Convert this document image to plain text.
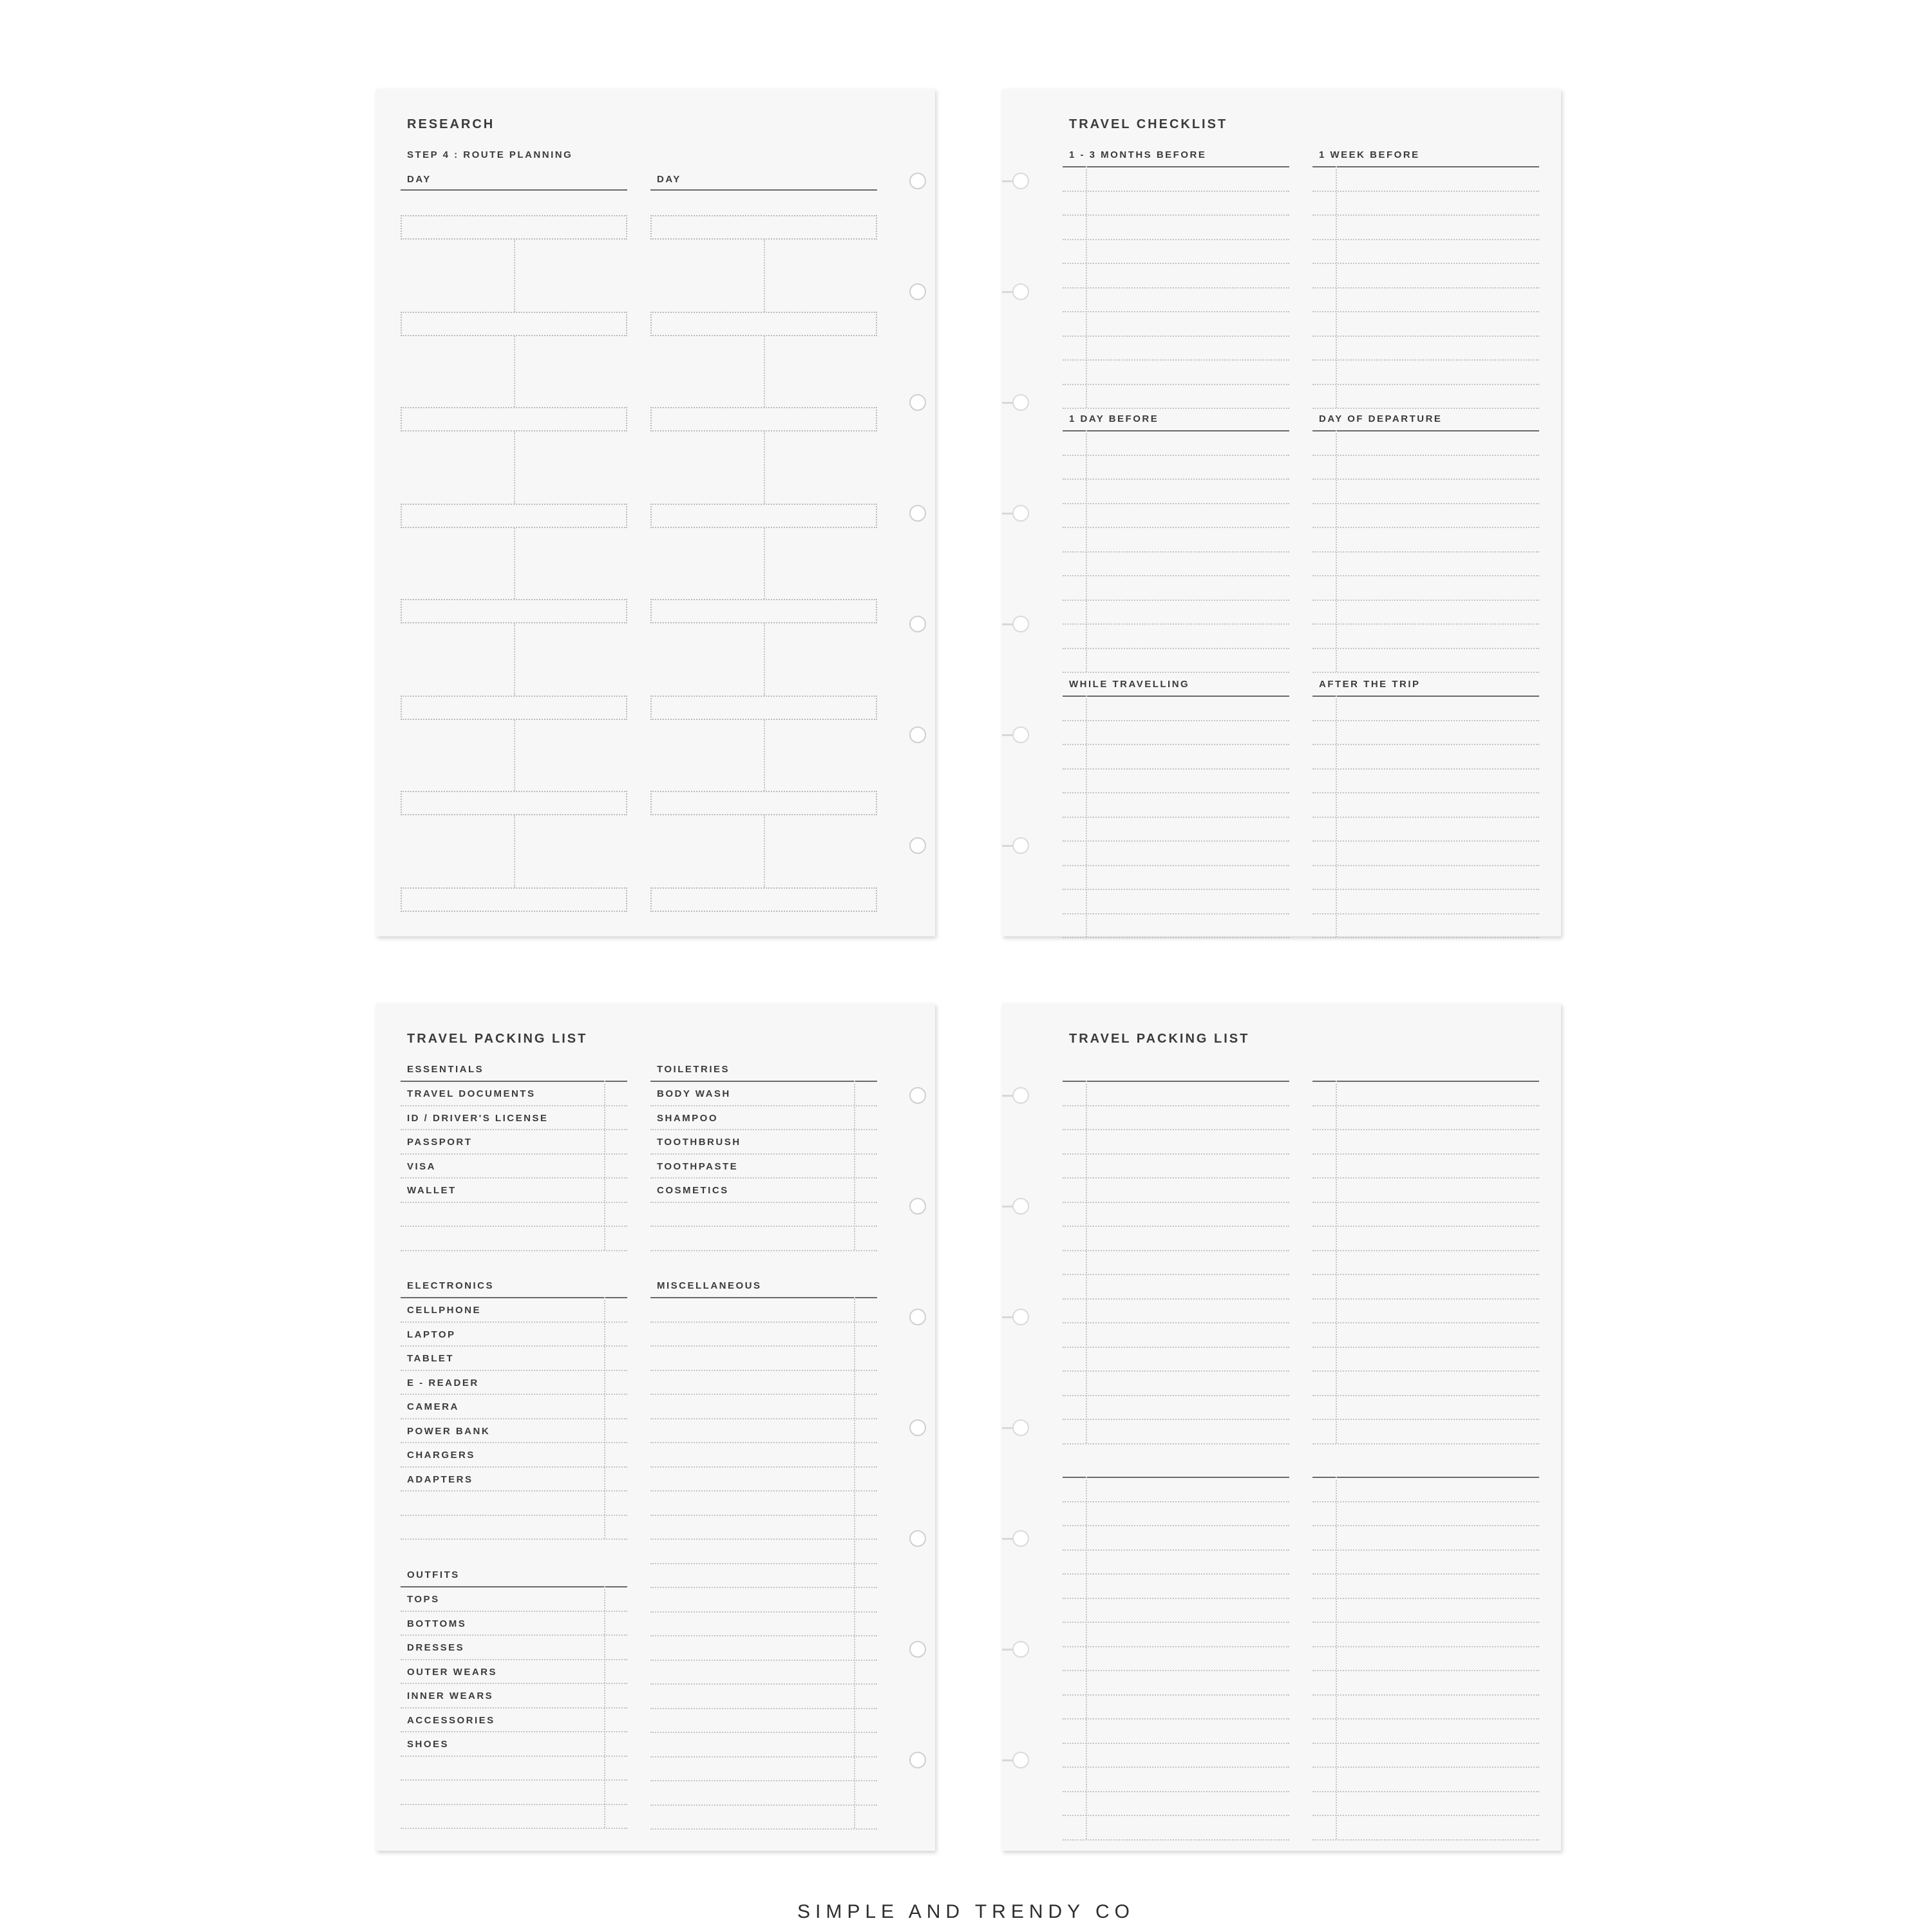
RESEARCH
STEP 4 : ROUTE PLANNING
DAY	DAY
TRAVEL CHECKLIST
1 - 3 MONTHS BEFORE	1 WEEK BEFORE
1 DAY BEFORE	DAY OF DEPARTURE
WHILE TRAVELLING	AFTER THE TRIP
TRAVEL PACKING LIST
ESSENTIALS
TRAVEL DOCUMENTS
ID / DRIVER'S LICENSE
PASSPORT
VISA
WALLET
TOILETRIES
BODY WASH
SHAMPOO
TOOTHBRUSH
TOOTHPASTE
COSMETICS
ELECTRONICS
CELLPHONE
LAPTOP
TABLET
E - READER
CAMERA
POWER BANK
CHARGERS
ADAPTERS
MISCELLANEOUS
OUTFITS
TOPS
BOTTOMS
DRESSES
OUTER WEARS
INNER WEARS
ACCESSORIES
SHOES
TRAVEL PACKING LIST
SIMPLE AND TRENDY CO
